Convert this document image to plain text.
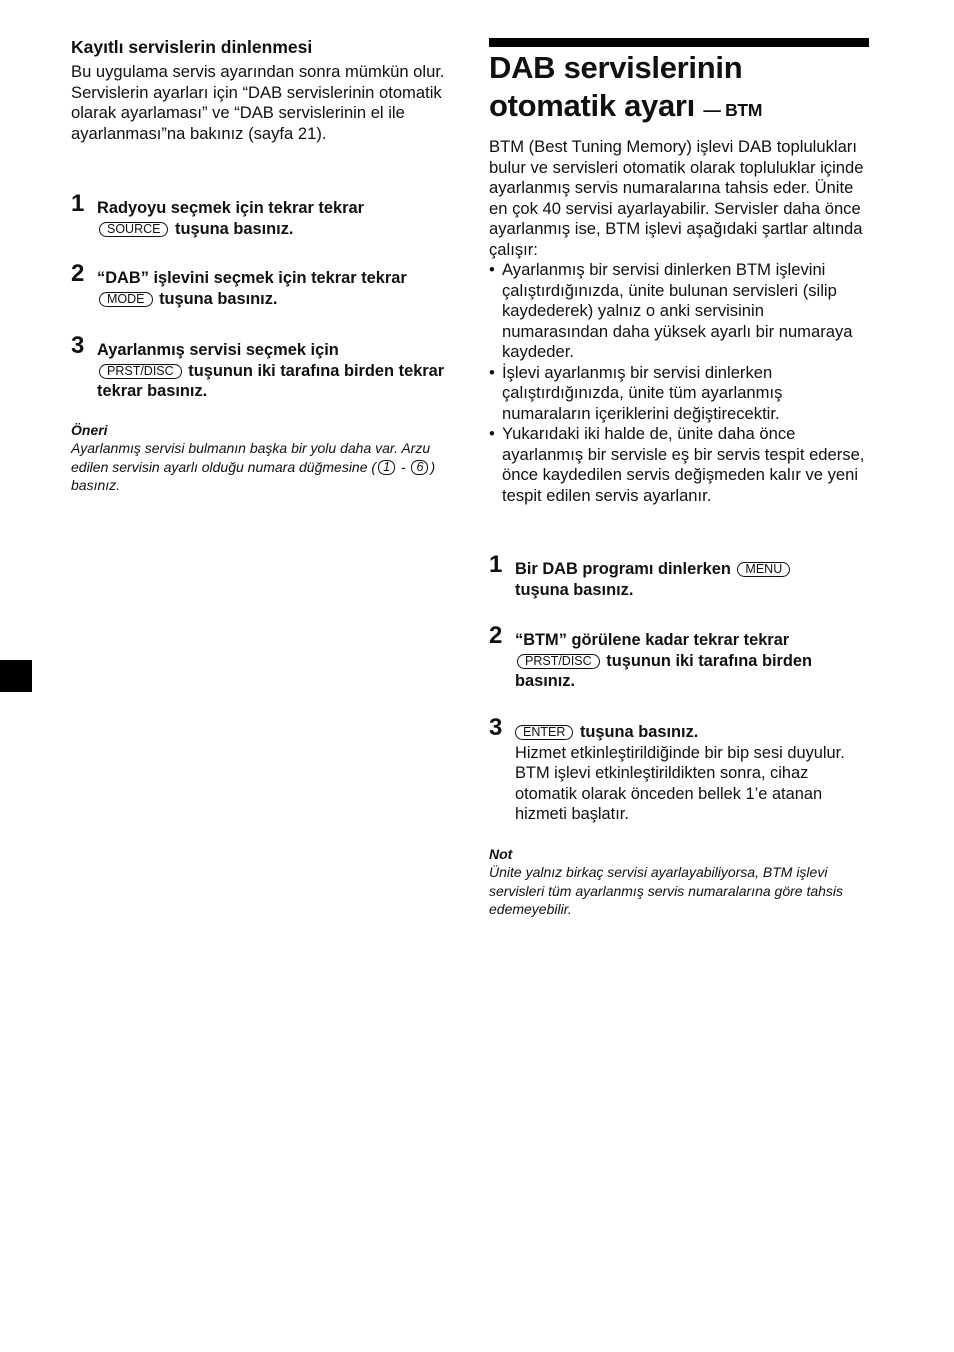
Kayıtlı servislerin dinlenmesi

Bu uygulama servis ayarından sonra mümkün olur. Servislerin ayarları için “DAB servislerinin otomatik olarak ayarlaması” ve “DAB servislerinin el ile ayarlanması”na bakınız (sayfa 21).

1 Radyoyu seçmek için tekrar tekrar
SOURCE tuşuna basınız.
2 “DAB” işlevini seçmek için tekrar tekrar
MODE tuşuna basınız.
3 Ayarlanmış servisi seçmek için
PRST/DISC tuşunun iki tarafına birden tekrar tekrar basınız.

Öneri

Ayarlanmış servisi bulmanın başka bir yolu daha var. Arzu edilen servisin ayarlı olduğu numara düğmesine ( 1 - 6 ) basınız.

DAB servislerinin otomatik ayarı — BTM

BTM (Best Tuning Memory) işlevi DAB toplulukları bulur ve servisleri otomatik olarak topluluklar içinde ayarlanmış servis numaralarına tahsis eder. Ünite en çok 40 servisi ayarlayabilir. Servisler daha önce ayarlanmış ise, BTM işlevi aşağıdaki şartlar altında çalışır:

• Ayarlanmış bir servisi dinlerken BTM işlevini çalıştırdığınızda, ünite bulunan servisleri (silip kaydederek) yalnız o anki servisinin numarasından daha yüksek ayarlı bir numaraya kaydeder.
• İşlevi ayarlanmış bir servisi dinlerken çalıştırdığınızda, ünite tüm ayarlanmış numaraların içeriklerini değiştirecektir.
• Yukarıdaki iki halde de, ünite daha önce ayarlanmış bir servisle eş bir servis tespit ederse, önce kaydedilen servis değişmeden kalır ve yeni tespit edilen servis ayarlanır.
1 Bir DAB programı dinlerken MENU
tuşuna basınız.
2 “BTM” görülene kadar tekrar tekrar
PRST/DISC tuşunun iki tarafına birden basınız.
3	ENTER tuşuna basınız.
Hizmet etkinleştirildiğinde bir bip sesi duyulur. BTM işlevi etkinleştirildikten sonra, cihaz otomatik olarak önceden bellek 1’e atanan hizmeti başlatır.

Not

Ünite yalnız birkaç servisi ayarlayabiliyorsa, BTM işlevi servisleri tüm ayarlanmış servis numaralarına göre tahsis edemeyebilir.
